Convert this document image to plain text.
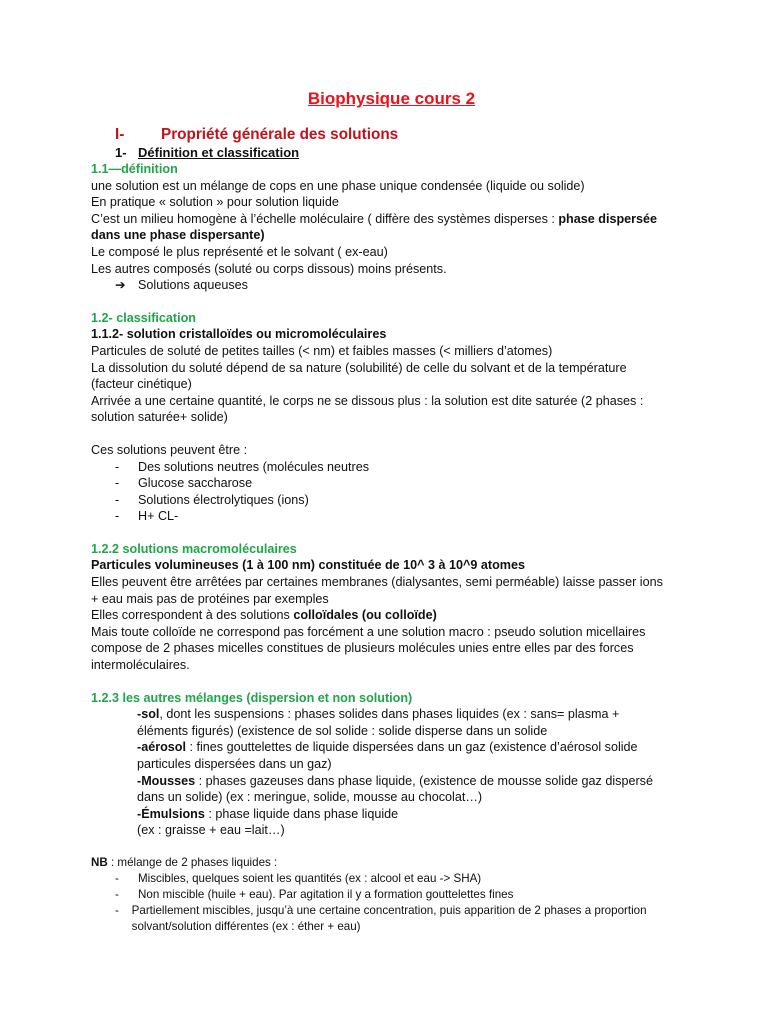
Biophysique cours 2
I-	Propriété générale des solutions
1- Définition et classification
1.1—définition
une solution est un mélange de cops en une phase unique condensée (liquide ou solide)
En pratique « solution » pour solution liquide
C’est un milieu homogène à l’échelle moléculaire ( diffère des systèmes disperses : phase dispersée dans une phase dispersante)
Le composé le plus représenté et le solvant ( ex-eau)
Les autres composés (soluté ou corps dissous) moins présents.
➔ Solutions aqueuses
1.2- classification
1.1.2- solution cristalloïdes ou micromoléculaires
Particules de soluté de petites tailles (< nm) et faibles masses (< milliers d’atomes)
La dissolution du soluté dépend de sa nature (solubilité) de celle du solvant et de la température (facteur cinétique)
Arrivée a une certaine quantité, le corps ne se dissous plus : la solution est dite saturée (2 phases : solution saturée+ solide)
Ces solutions peuvent être :
-	Des solutions neutres (molécules neutres
-	Glucose saccharose
-	Solutions électrolytiques (ions)
-	H+ CL-
1.2.2 solutions macromoléculaires
Particules volumineuses (1 à 100 nm) constituée de 10^ 3 à 10^9 atomes
Elles peuvent être arrêtées par certaines membranes (dialysantes, semi perméable) laisse passer ions + eau mais pas de protéines par exemples
Elles correspondent à des solutions colloïdales (ou colloïde)
Mais toute colloïde ne correspond pas forcément a une solution macro : pseudo solution micellaires compose de 2 phases micelles constitues de plusieurs molécules unies entre elles par des forces intermoléculaires.
1.2.3 les autres mélanges (dispersion et non solution)
-sol, dont les suspensions : phases solides dans phases liquides (ex : sans= plasma + éléments figurés) (existence de sol solide : solide disperse dans un solide
-aérosol : fines gouttelettes de liquide dispersées dans un gaz (existence d’aérosol solide particules dispersées dans un gaz)
-Mousses : phases gazeuses dans phase liquide, (existence de mousse solide gaz dispersé dans un solide) (ex : meringue, solide, mousse au chocolat…)
-Émulsions : phase liquide dans phase liquide
(ex : graisse + eau =lait…)
NB : mélange de 2 phases liquides :
-	Miscibles, quelques soient les quantités (ex : alcool et eau -> SHA)
-	Non miscible (huile + eau). Par agitation il y a formation gouttelettes fines
-	Partiellement miscibles, jusqu’à une certaine concentration, puis apparition de 2 phases a proportion solvant/solution différentes (ex : éther + eau)
